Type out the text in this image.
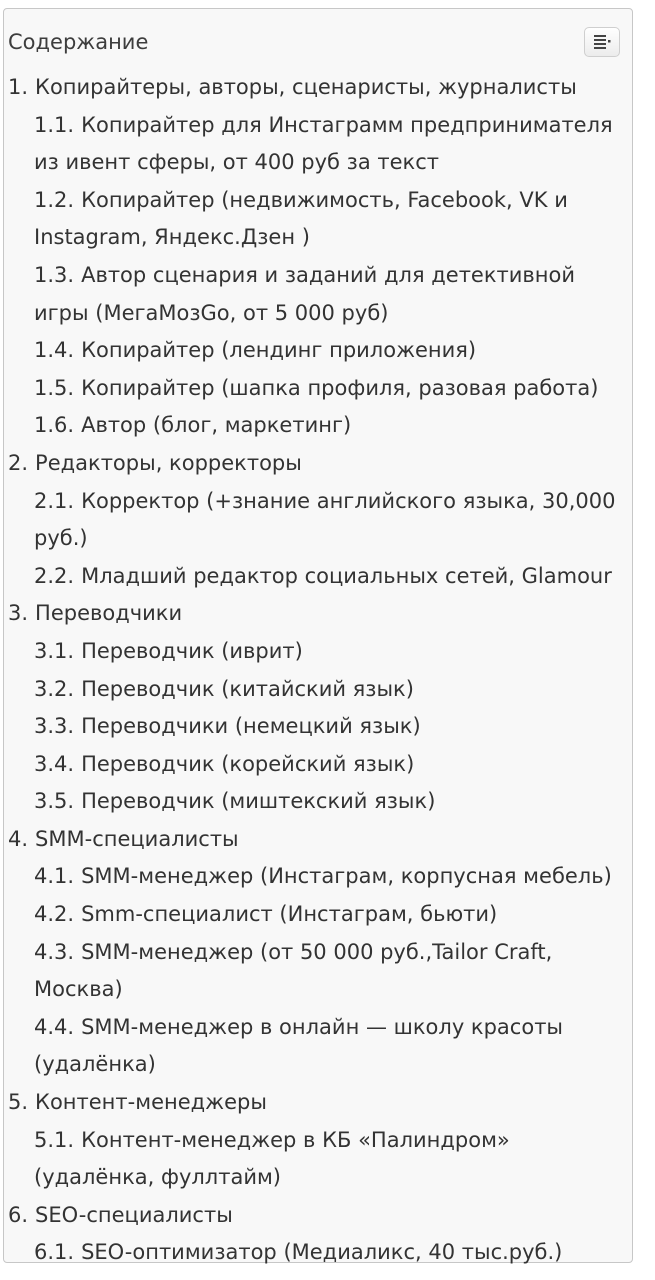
Содержание
1. Копирайтеры, авторы, сценаристы, журналисты
1.1. Копирайтер для Инстаграмм предпринимателя из ивент сферы, от 400 руб за текст
1.2. Копирайтер (недвижимость, Facebook, VK и Instagram, Яндекс.Дзен )
1.3. Автор сценария и заданий для детективной игры (МегаМозGo, от 5 000 руб)
1.4. Копирайтер (лендинг приложения)
1.5. Копирайтер (шапка профиля, разовая работа)
1.6. Автор (блог, маркетинг)
2. Редакторы, корректоры
2.1. Корректор (+знание английского языка, 30,000 руб.)
2.2. Младший редактор социальных сетей, Glamour
3. Переводчики
3.1. Переводчик (иврит)
3.2. Переводчик (китайский язык)
3.3. Переводчики (немецкий язык)
3.4. Переводчик (корейский язык)
3.5. Переводчик (миштекский язык)
4. SMM-специалисты
4.1. SMM-менеджер (Инстаграм, корпусная мебель)
4.2. Smm-специалист (Инстаграм, бьюти)
4.3. SMM-менеджер (от 50 000 руб.,Tailor Craft, Москва)
4.4. SMM-менеджер в онлайн — школу красоты (удалёнка)
5. Контент-менеджеры
5.1. Контент-менеджер в КБ «Палиндром» (удалёнка, фуллтайм)
6. SEO-специалисты
6.1. SEO-оптимизатор (Медиаликс, 40 тыс.руб.)
